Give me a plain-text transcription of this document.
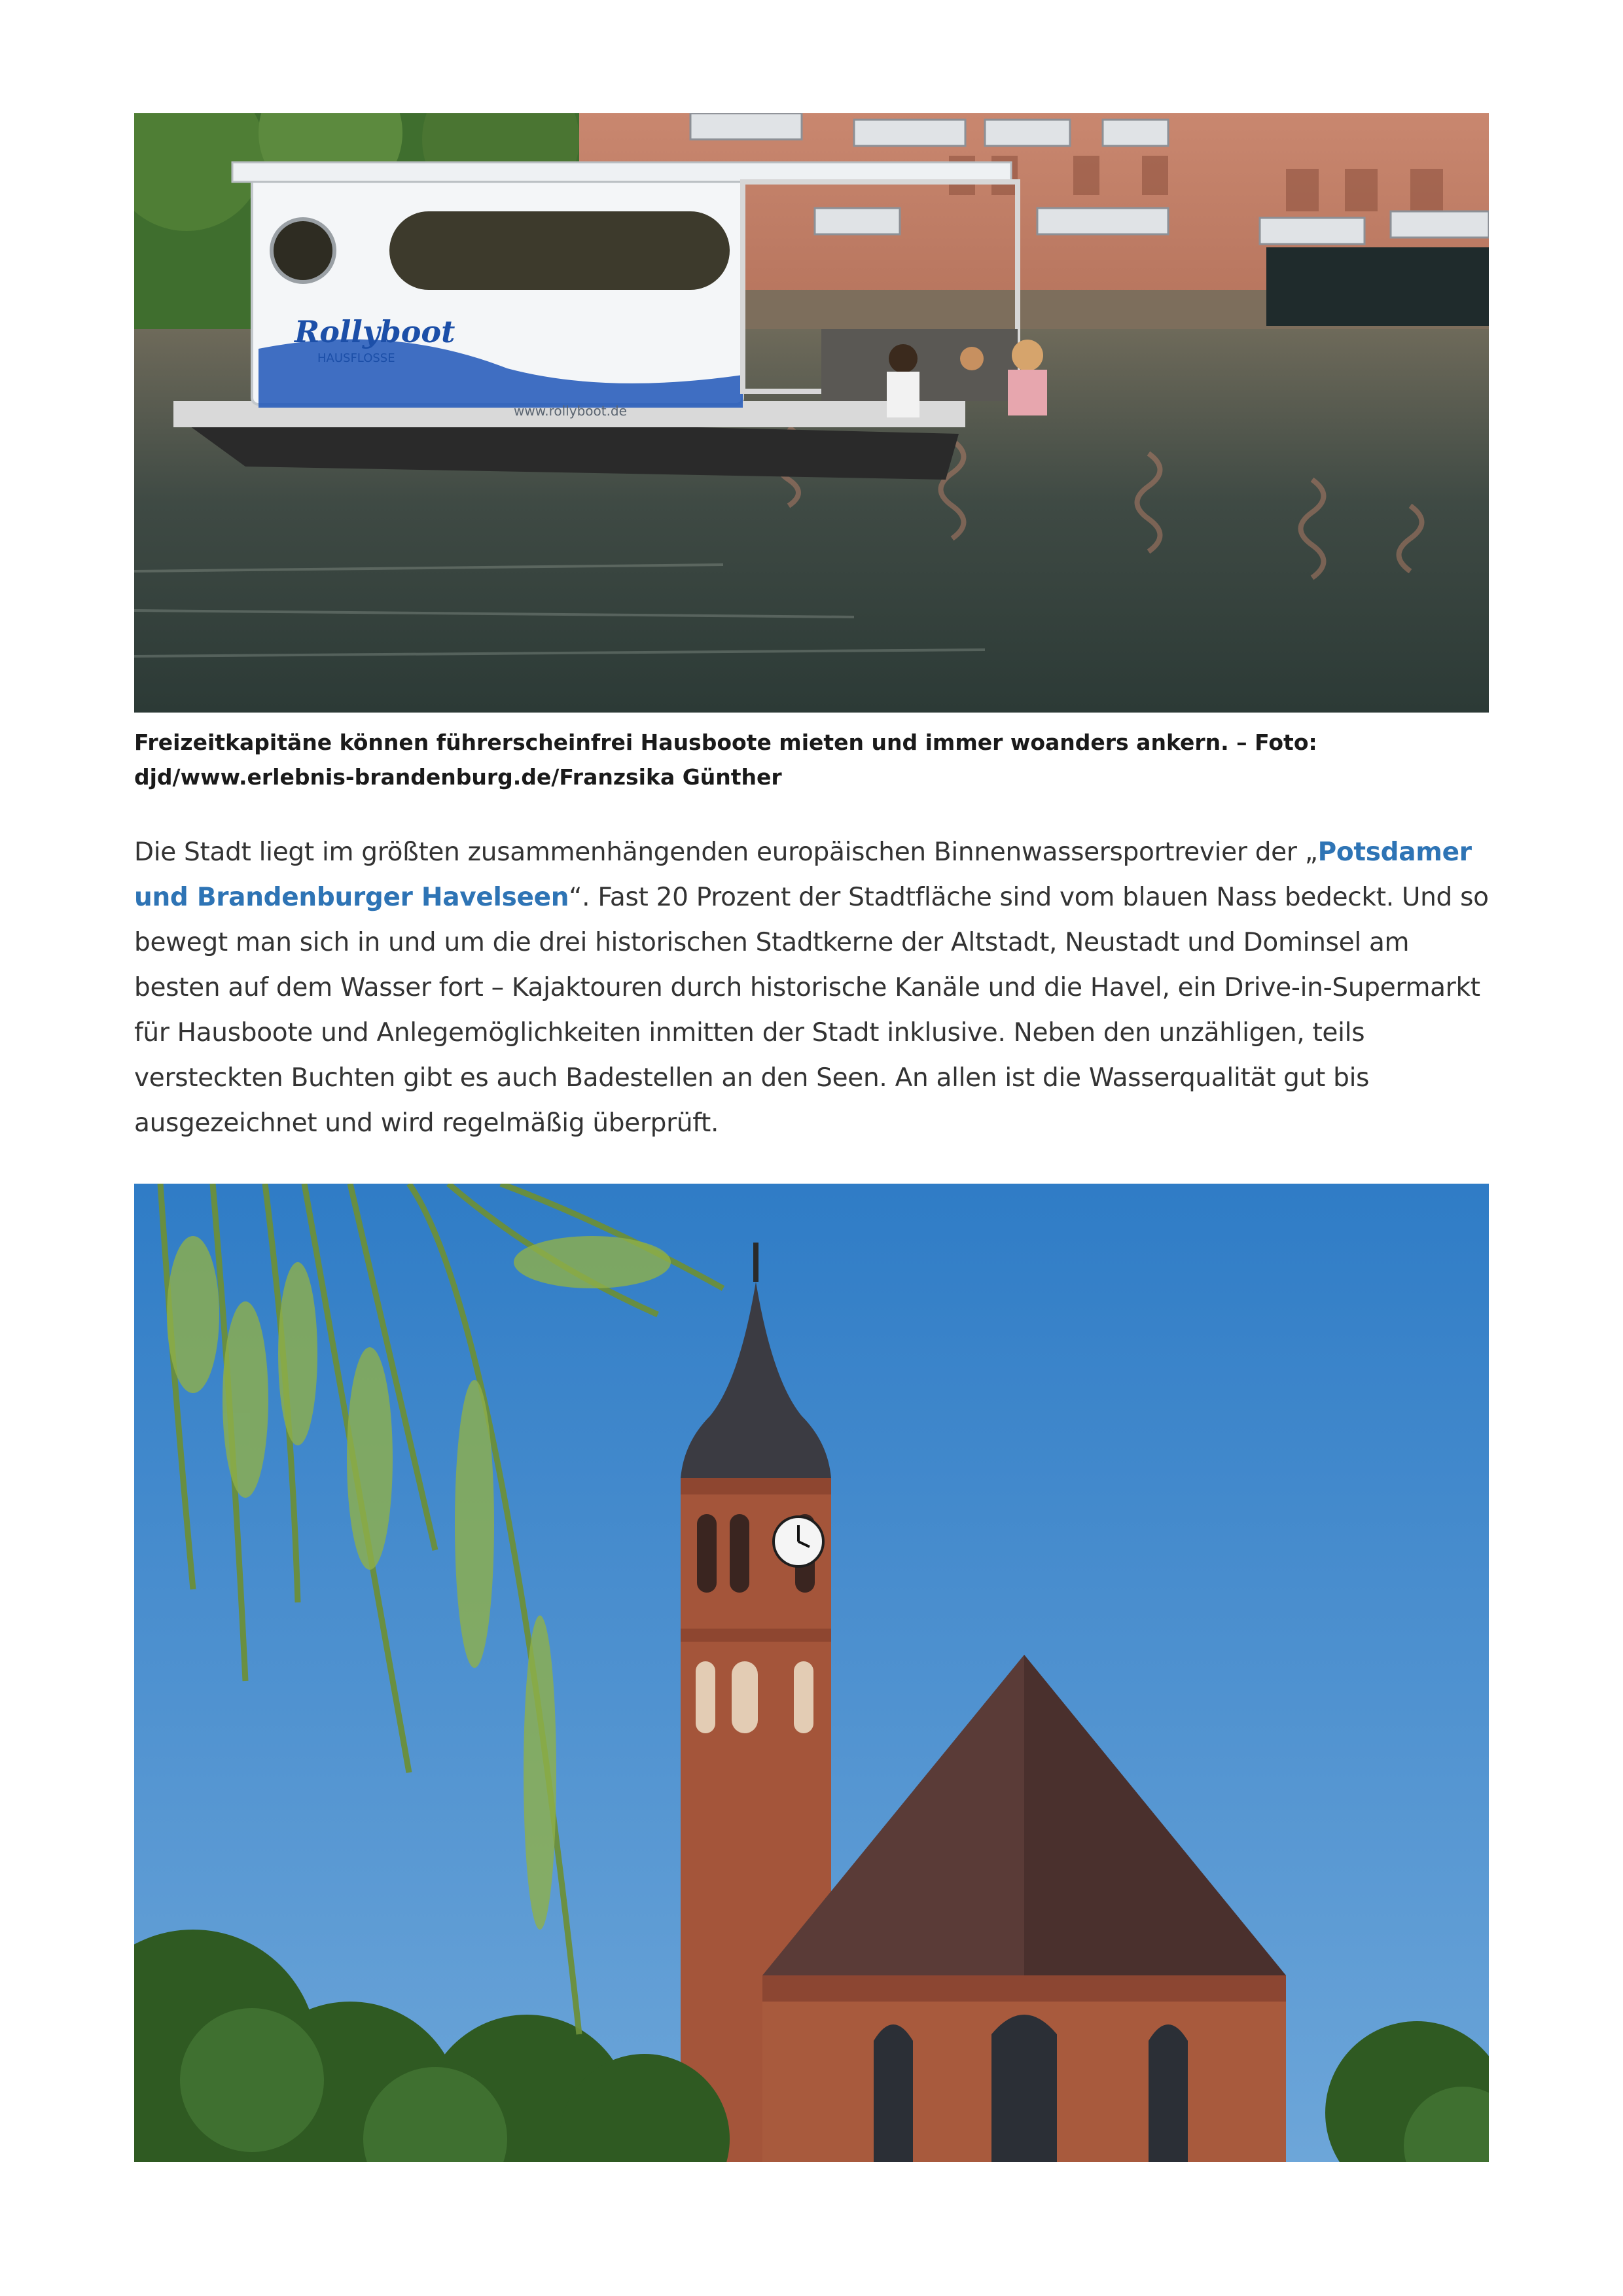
Rollyboot
HAUSFLOSSE
www.rollyboot.de
Freizeitkapitäne können führerscheinfrei Hausboote mieten und immer woanders ankern. – Foto:
djd/www.erlebnis-brandenburg.de/Franzsika Günther

Die Stadt liegt im größten zusammenhängenden europäischen Binnenwassersportrevier der „Potsdamer und Brandenburger Havelseen“. Fast 20 Prozent der Stadtfläche sind vom blauen Nass bedeckt. Und so bewegt man sich in und um die drei historischen Stadtkerne der Altstadt, Neustadt und Dominsel am besten auf dem Wasser fort – Kajaktouren durch historische Kanäle und die Havel, ein Drive-in-Supermarkt für Hausboote und Anlegemöglichkeiten inmitten der Stadt inklusive. Neben den unzähligen, teils versteckten Buchten gibt es auch Badestellen an den Seen. An allen ist die Wasserqualität gut bis ausgezeichnet und wird regelmäßig überprüft.
